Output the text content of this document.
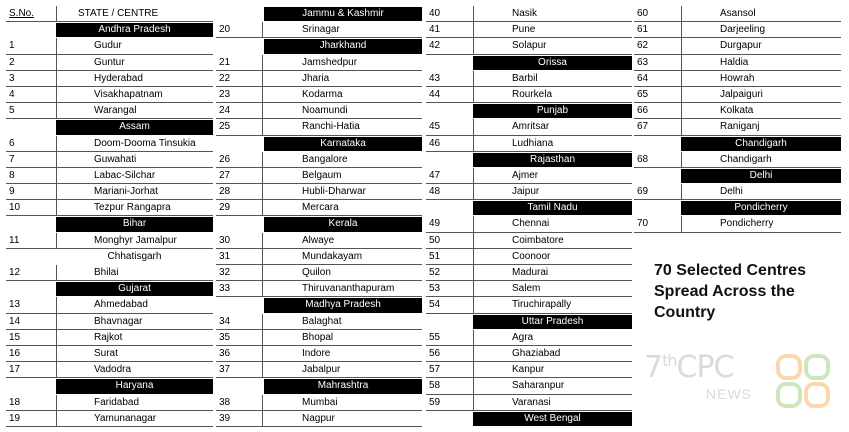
S.No.	STATE / CENTRE
Andhra Pradesh
1	Gudur
2	Guntur
3	Hyderabad
4	Visakhapatnam
5	Warangal
Assam
6	Doom-Dooma Tinsukia
7	Guwahati
8	Labac-Silchar
9	Mariani-Jorhat
10	Tezpur Rangapra
Bihar
11	Monghyr Jamalpur
Chhatisgarh
12	Bhilai
Gujarat
13	Ahmedabad
14	Bhavnagar
15	Rajkot
16	Surat
17	Vadodra
Haryana
18	Faridabad
19	Yamunanagar
Jammu & Kashmir
20	Srinagar
Jharkhand
21	Jamshedpur
22	Jharia
23	Kodarma
24	Noamundi
25	Ranchi-Hatia
Karnataka
26	Bangalore
27	Belgaum
28	Hubli-Dharwar
29	Mercara
Kerala
30	Alwaye
31	Mundakayam
32	Quilon
33	Thiruvananthapuram
Madhya Pradesh
34	Balaghat
35	Bhopal
36	Indore
37	Jabalpur
Mahrashtra
38	Mumbai
39	Nagpur
40	Nasik
41	Pune
42	Solapur
Orissa
43	Barbil
44	Rourkela
Punjab
45	Amritsar
46	Ludhiana
Rajasthan
47	Ajmer
48	Jaipur
Tamil Nadu
49	Chennai
50	Coimbatore
51	Coonoor
52	Madurai
53	Salem
54	Tiruchirapally
Uttar Pradesh
55	Agra
56	Ghaziabad
57	Kanpur
58	Saharanpur
59	Varanasi
West Bengal
60	Asansol
61	Darjeeling
62	Durgapur
63	Haldia
64	Howrah
65	Jalpaiguri
66	Kolkata
67	Raniganj
Chandigarh
68	Chandigarh
Delhi
69	Delhi
Pondicherry
70	Pondicherry
70 Selected Centres
Spread Across the
Country
7thCPC
NEWS
